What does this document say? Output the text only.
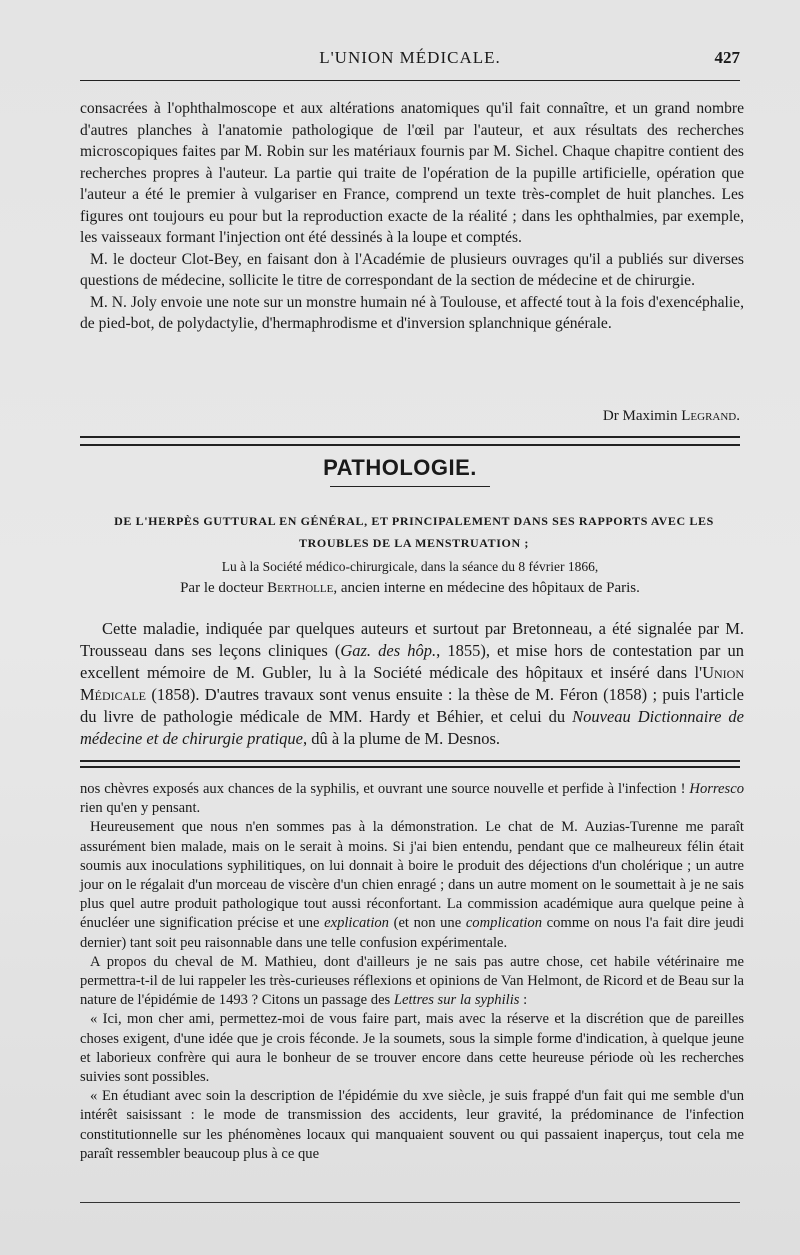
L'UNION MÉDICALE.	427

consacrées à l'ophthalmoscope et aux altérations anatomiques qu'il fait connaître, et un grand nombre d'autres planches à l'anatomie pathologique de l'œil par l'auteur, et aux résultats des recherches microscopiques faites par M. Robin sur les matériaux fournis par M. Sichel. Chaque chapitre contient des recherches propres à l'auteur. La partie qui traite de l'opération de la pupille artificielle, opération que l'auteur a été le premier à vulgariser en France, comprend un texte très-complet de huit planches. Les figures ont toujours eu pour but la reproduction exacte de la réalité ; dans les ophthalmies, par exemple, les vaisseaux formant l'injection ont été dessinés à la loupe et comptés.

M. le docteur Clot-Bey, en faisant don à l'Académie de plusieurs ouvrages qu'il a publiés sur diverses questions de médecine, sollicite le titre de correspondant de la section de médecine et de chirurgie.

M. N. Joly envoie une note sur un monstre humain né à Toulouse, et affecté tout à la fois d'exencéphalie, de pied-bot, de polydactylie, d'hermaphrodisme et d'inversion splanchnique générale.

Dr Maximin Legrand.
PATHOLOGIE.
DE L'HERPÈS GUTTURAL EN GÉNÉRAL, ET PRINCIPALEMENT DANS SES RAPPORTS AVEC LES TROUBLES DE LA MENSTRUATION ;
Lu à la Société médico-chirurgicale, dans la séance du 8 février 1866,
Par le docteur Bertholle, ancien interne en médecine des hôpitaux de Paris.

Cette maladie, indiquée par quelques auteurs et surtout par Bretonneau, a été signalée par M. Trousseau dans ses leçons cliniques (Gaz. des hôp., 1855), et mise hors de contestation par un excellent mémoire de M. Gubler, lu à la Société médicale des hôpitaux et inséré dans l'Union Médicale (1858). D'autres travaux sont venus ensuite : la thèse de M. Féron (1858) ; puis l'article du livre de pathologie médicale de MM. Hardy et Béhier, et celui du Nouveau Dictionnaire de médecine et de chirurgie pratique, dû à la plume de M. Desnos.

nos chèvres exposés aux chances de la syphilis, et ouvrant une source nouvelle et perfide à l'infection ! Horresco rien qu'en y pensant.

Heureusement que nous n'en sommes pas à la démonstration. Le chat de M. Auzias-Turenne me paraît assurément bien malade, mais on le serait à moins. Si j'ai bien entendu, pendant que ce malheureux félin était soumis aux inoculations syphilitiques, on lui donnait à boire le produit des déjections d'un cholérique ; un autre jour on le régalait d'un morceau de viscère d'un chien enragé ; dans un autre moment on le soumettait à je ne sais plus quel autre produit pathologique tout aussi réconfortant. La commission académique aura quelque peine à énucléer une signification précise et une explication (et non une complication comme on nous l'a fait dire jeudi dernier) tant soit peu raisonnable dans une telle confusion expérimentale.

A propos du cheval de M. Mathieu, dont d'ailleurs je ne sais pas autre chose, cet habile vétérinaire me permettra-t-il de lui rappeler les très-curieuses réflexions et opinions de Van Helmont, de Ricord et de Beau sur la nature de l'épidémie de 1493 ? Citons un passage des Lettres sur la syphilis :

« Ici, mon cher ami, permettez-moi de vous faire part, mais avec la réserve et la discrétion que de pareilles choses exigent, d'une idée que je crois féconde. Je la soumets, sous la simple forme d'indication, à quelque jeune et laborieux confrère qui aura le bonheur de se trouver encore dans cette heureuse période où les recherches suivies sont possibles.

« En étudiant avec soin la description de l'épidémie du xve siècle, je suis frappé d'un fait qui me semble d'un intérêt saisissant : le mode de transmission des accidents, leur gravité, la prédominance de l'infection constitutionnelle sur les phénomènes locaux qui manquaient souvent ou qui passaient inaperçus, tout cela me paraît ressembler beaucoup plus à ce que
